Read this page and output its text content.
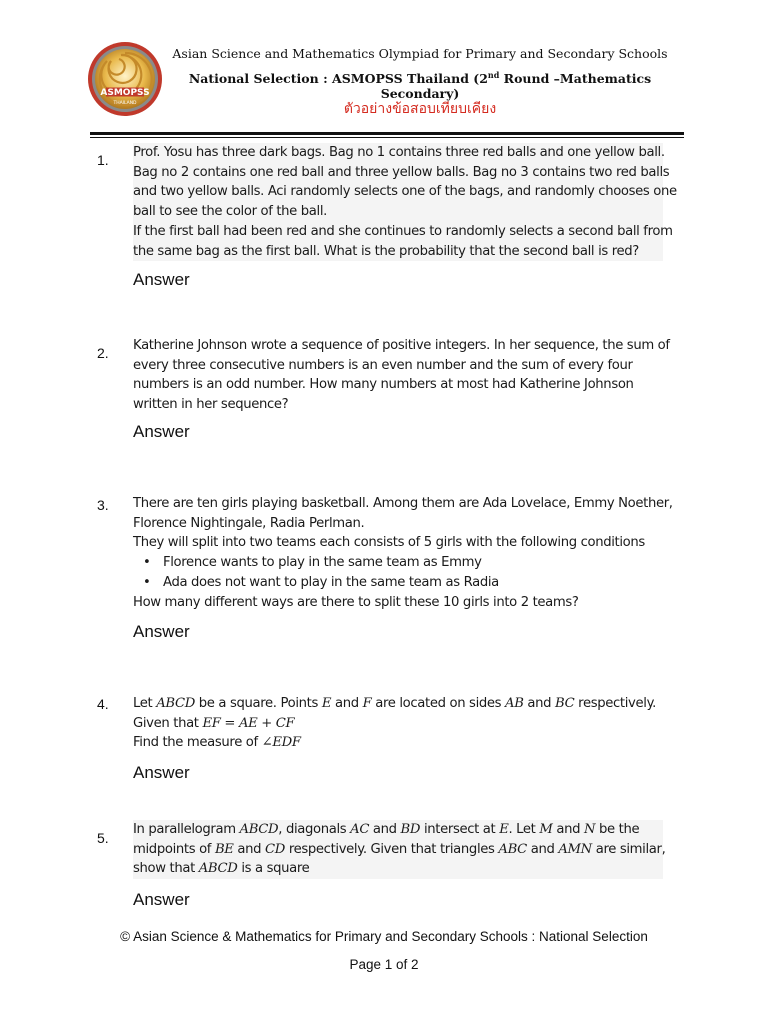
ASMOPSS
THAILAND
Asian Science and Mathematics Olympiad for Primary and Secondary Schools
National Selection : ASMOPSS Thailand (2nd Round –Mathematics Secondary)
ตัวอย่างข้อสอบเทียบเคียง
1. Prof. Yosu has three dark bags. Bag no 1 contains three red balls and one yellow ball.
Bag no 2 contains one red ball and three yellow balls. Bag no 3 contains two red balls
and two yellow balls. Aci randomly selects one of the bags, and randomly chooses one
ball to see the color of the ball.
If the first ball had been red and she continues to randomly selects a second ball from
the same bag as the first ball. What is the probability that the second ball is red?
Answer
2. Katherine Johnson wrote a sequence of positive integers. In her sequence, the sum of
every three consecutive numbers is an even number and the sum of every four
numbers is an odd number. How many numbers at most had Katherine Johnson
written in her sequence?
Answer
3. There are ten girls playing basketball. Among them are Ada Lovelace, Emmy Noether,
Florence Nightingale, Radia Perlman.
They will split into two teams each consists of 5 girls with the following conditions
• Florence wants to play in the same team as Emmy
• Ada does not want to play in the same team as Radia
How many different ways are there to split these 10 girls into 2 teams?
Answer
4. Let ABCD be a square. Points E and F are located on sides AB and BC respectively.
Given that EF = AE + CF
Find the measure of ∠EDF
Answer
5.
In parallelogram ABCD, diagonals AC and BD intersect at E. Let M and N be the
midpoints of BE and CD respectively. Given that triangles ABC and AMN are similar,
show that ABCD is a square
Answer
© Asian Science & Mathematics for Primary and Secondary Schools : National Selection
Page 1 of 2
